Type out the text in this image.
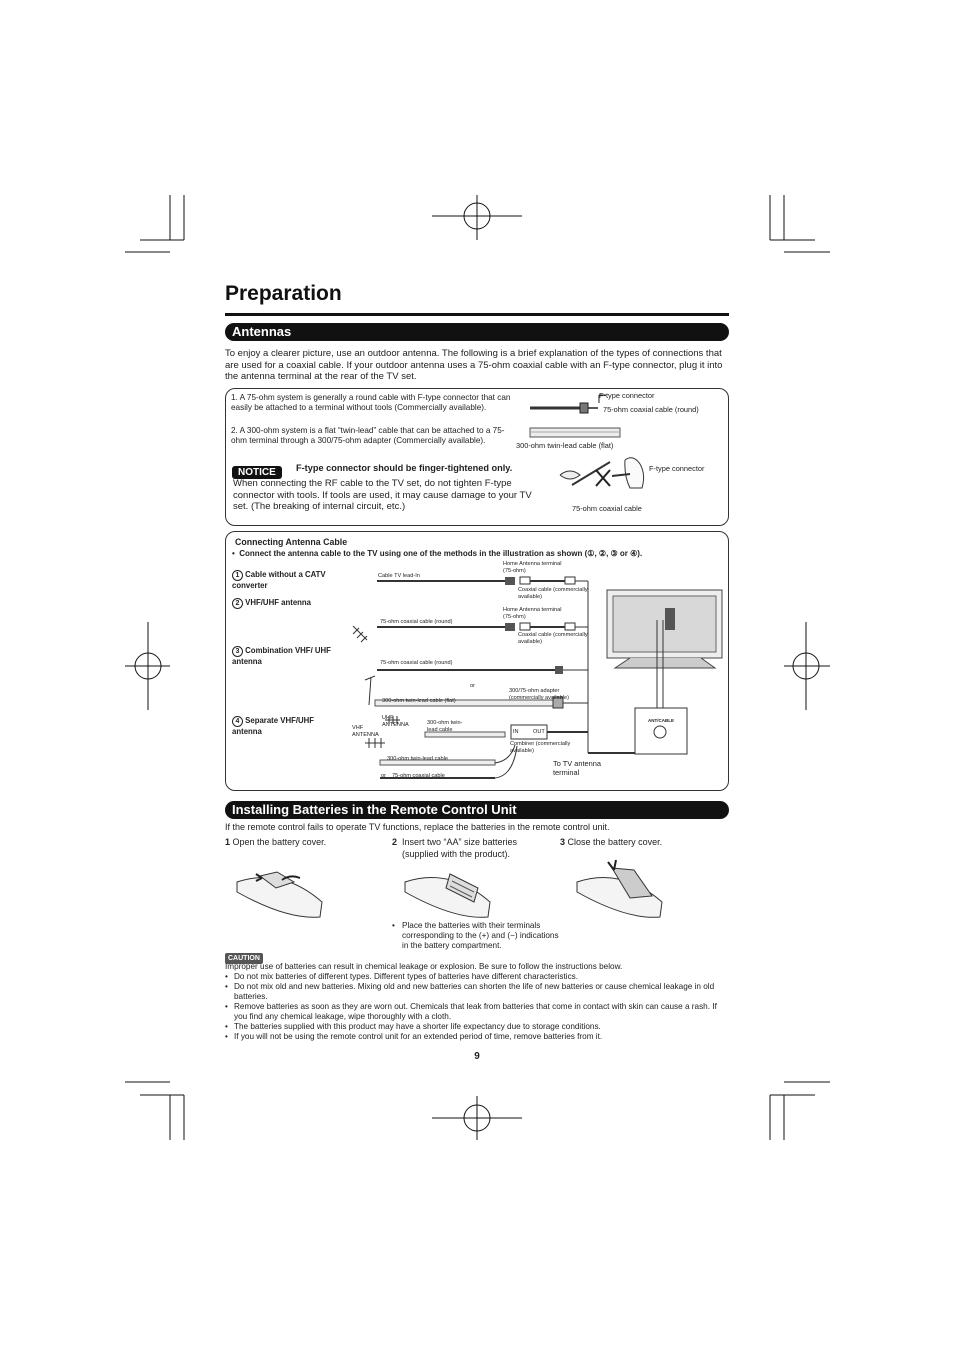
Preparation
Antennas
To enjoy a clearer picture, use an outdoor antenna. The following is a brief explanation of the types of connections that are used for a coaxial cable. If your outdoor antenna uses a 75-ohm coaxial cable with an F-type connector, plug it into the antenna terminal at the rear of the TV set.
1. A 75-ohm system is generally a round cable with F-type connector that can easily be attached to a terminal without tools (Commercially available).
2. A 300-ohm system is a flat “twin-lead” cable that can be attached to a 75-ohm terminal through a 300/75-ohm adapter (Commercially available).
F-type connector
75-ohm coaxial cable (round)
300-ohm twin-lead cable (flat)
F-type connector
75-ohm coaxial cable
NOTICE	F-type connector should be finger-tightened only.
When connecting the RF cable to the TV set, do not tighten F-type connector with tools. If tools are used, it may cause damage to your TV set. (The breaking of internal circuit, etc.)
Connecting Antenna Cable
•  Connect the antenna cable to the TV using one of the methods in the illustration as shown (①, ②, ③ or ④).
1 Cable without a CATV converter
2 VHF/UHF antenna
3 Combination VHF/ UHF antenna
4 Separate VHF/UHF antenna
Cable TV lead-In
Home Antenna terminal (75-ohm)
Coaxial cable (commercially available)
Home Antenna terminal (75-ohm)
Coaxial cable (commercially available)
75-ohm coaxial cable (round)
75-ohm coaxial cable (round)
or
300-ohm twin-lead cable (flat)
300/75-ohm adapter (commercially available)
UHF ANTENNA
VHF ANTENNA
300-ohm twin-lead cable	IN	OUT
Combiner (commercially available)
300-ohm twin-lead cable
or 75-ohm coaxial cable
To TV antenna terminal
ANT/CABLE
Installing Batteries in the Remote Control Unit
If the remote control fails to operate TV functions, replace the batteries in the remote control unit.
1 Open the battery cover.	2 Insert two “AA” size batteries (supplied with the product).
3 Close the battery cover.
• Place the batteries with their terminals corresponding to the (+) and (−) indications in the battery compartment.
CAUTION
Improper use of batteries can result in chemical leakage or explosion. Be sure to follow the instructions below.
• Do not mix batteries of different types. Different types of batteries have different characteristics.
• Do not mix old and new batteries. Mixing old and new batteries can shorten the life of new batteries or cause chemical leakage in old batteries.
• Remove batteries as soon as they are worn out. Chemicals that leak from batteries that come in contact with skin can cause a rash. If you find any chemical leakage, wipe thoroughly with a cloth.
• The batteries supplied with this product may have a shorter life expectancy due to storage conditions.
• If you will not be using the remote control unit for an extended period of time, remove batteries from it.
9
